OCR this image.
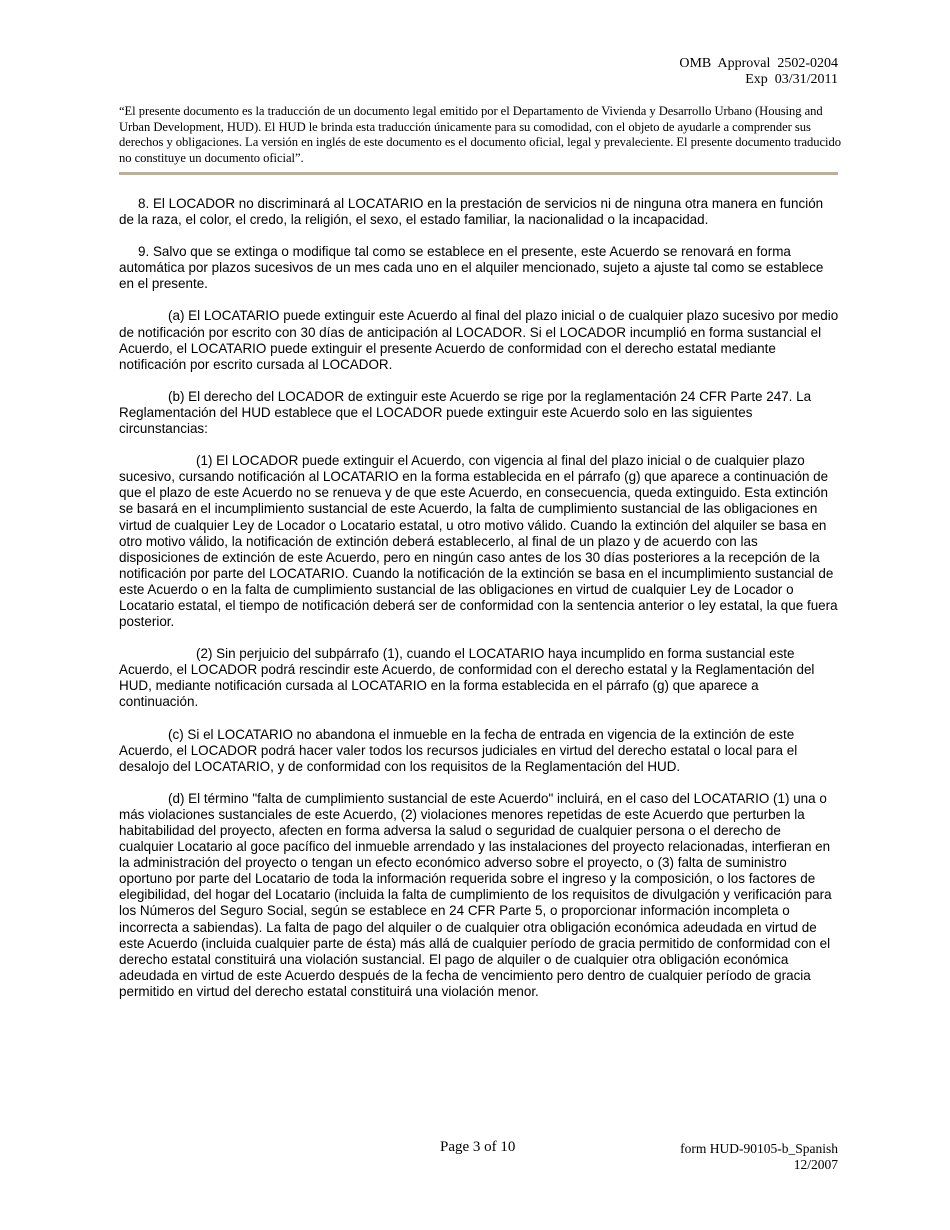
OMB  Approval  2502-0204
Exp  03/31/2011
“El presente documento es la traducción de un documento legal emitido por el Departamento de Vivienda y Desarrollo Urbano (Housing and Urban Development, HUD). El HUD le brinda esta traducción únicamente para su comodidad, con el objeto de ayudarle a comprender sus derechos y obligaciones. La versión en inglés de este documento es el documento oficial, legal y prevaleciente. El presente documento traducido no constituye un documento oficial”.

8. El LOCADOR no discriminará al LOCATARIO en la prestación de servicios ni de ninguna otra manera en función de la raza, el color, el credo, la religión, el sexo, el estado familiar, la nacionalidad o la incapacidad.

9. Salvo que se extinga o modifique tal como se establece en el presente, este Acuerdo se renovará en forma automática por plazos sucesivos de un mes cada uno en el alquiler mencionado, sujeto a ajuste tal como se establece en el presente.

(a) El LOCATARIO puede extinguir este Acuerdo al final del plazo inicial o de cualquier plazo sucesivo por medio de notificación por escrito con 30 días de anticipación al LOCADOR. Si el LOCADOR incumplió en forma sustancial el Acuerdo, el LOCATARIO puede extinguir el presente Acuerdo de conformidad con el derecho estatal mediante notificación por escrito cursada al LOCADOR.

(b) El derecho del LOCADOR de extinguir este Acuerdo se rige por la reglamentación 24 CFR Parte 247. La Reglamentación del HUD establece que el LOCADOR puede extinguir este Acuerdo solo en las siguientes circunstancias:

(1) El LOCADOR puede extinguir el Acuerdo, con vigencia al final del plazo inicial o de cualquier plazo sucesivo, cursando notificación al LOCATARIO en la forma establecida en el párrafo (g) que aparece a continuación de que el plazo de este Acuerdo no se renueva y de que este Acuerdo, en consecuencia, queda extinguido. Esta extinción se basará en el incumplimiento sustancial de este Acuerdo, la falta de cumplimiento sustancial de las obligaciones en virtud de cualquier Ley de Locador o Locatario estatal, u otro motivo válido. Cuando la extinción del alquiler se basa en otro motivo válido, la notificación de extinción deberá establecerlo, al final de un plazo y de acuerdo con las disposiciones de extinción de este Acuerdo, pero en ningún caso antes de los 30 días posteriores a la recepción de la notificación por parte del LOCATARIO. Cuando la notificación de la extinción se basa en el incumplimiento sustancial de este Acuerdo o en la falta de cumplimiento sustancial de las obligaciones en virtud de cualquier Ley de Locador o Locatario estatal, el tiempo de notificación deberá ser de conformidad con la sentencia anterior o ley estatal, la que fuera posterior.

(2) Sin perjuicio del subpárrafo (1), cuando el LOCATARIO haya incumplido en forma sustancial este Acuerdo, el LOCADOR podrá rescindir este Acuerdo, de conformidad con el derecho estatal y la Reglamentación del HUD, mediante notificación cursada al LOCATARIO en la forma establecida en el párrafo (g) que aparece a continuación.

(c) Si el LOCATARIO no abandona el inmueble en la fecha de entrada en vigencia de la extinción de este Acuerdo, el LOCADOR podrá hacer valer todos los recursos judiciales en virtud del derecho estatal o local para el desalojo del LOCATARIO, y de conformidad con los requisitos de la Reglamentación del HUD.

(d) El término "falta de cumplimiento sustancial de este Acuerdo" incluirá, en el caso del LOCATARIO (1) una o más violaciones sustanciales de este Acuerdo, (2) violaciones menores repetidas de este Acuerdo que perturben la habitabilidad del proyecto, afecten en forma adversa la salud o seguridad de cualquier persona o el derecho de cualquier Locatario al goce pacífico del inmueble arrendado y las instalaciones del proyecto relacionadas, interfieran en la administración del proyecto o tengan un efecto económico adverso sobre el proyecto, o (3) falta de suministro oportuno por parte del Locatario de toda la información requerida sobre el ingreso y la composición, o los factores de elegibilidad, del hogar del Locatario (incluida la falta de cumplimiento de los requisitos de divulgación y verificación para los Números del Seguro Social, según se establece en 24 CFR Parte 5, o proporcionar información incompleta o incorrecta a sabiendas). La falta de pago del alquiler o de cualquier otra obligación económica adeudada en virtud de este Acuerdo (incluida cualquier parte de ésta) más allá de cualquier período de gracia permitido de conformidad con el derecho estatal constituirá una violación sustancial. El pago de alquiler o de cualquier otra obligación económica adeudada en virtud de este Acuerdo después de la fecha de vencimiento pero dentro de cualquier período de gracia permitido en virtud del derecho estatal constituirá una violación menor.

Page 3 of 10	form HUD-90105-b_Spanish
12/2007
